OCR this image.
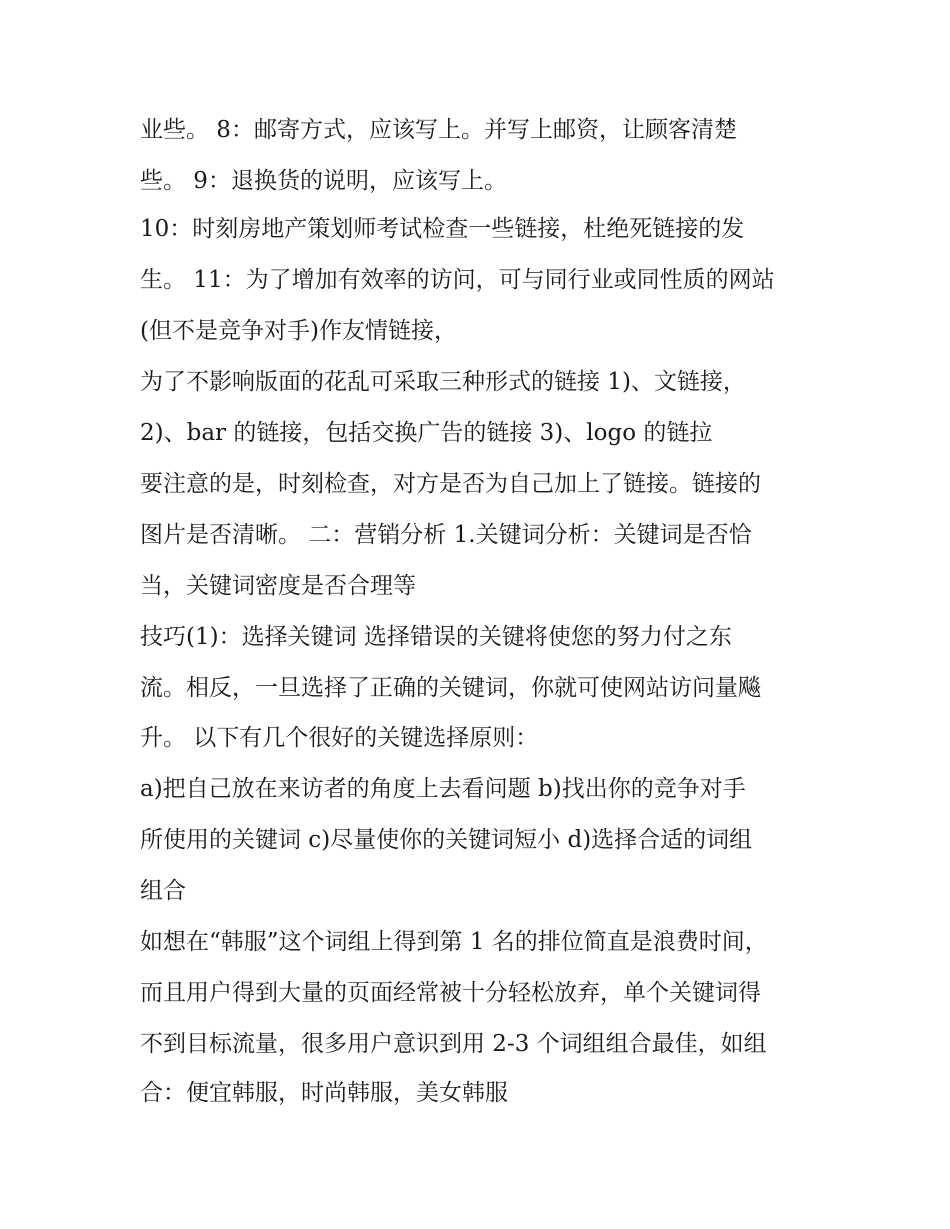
业些。 8：邮寄方式，应该写上。并写上邮资，让顾客清楚

些。 9：退换货的说明，应该写上。

10：时刻房地产策划师考试检查一些链接，杜绝死链接的发

生。 11：为了增加有效率的访问，可与同行业或同性质的网站

(但不是竞争对手)作友情链接，

为了不影响版面的花乱可采取三种形式的链接 1)、文链接，

2)、bar 的链接，包括交换广告的链接 3)、logo 的链拉

要注意的是，时刻检查，对方是否为自己加上了链接。链接的

图片是否清晰。 二：营销分析 1.关键词分析：关键词是否恰

当，关键词密度是否合理等

技巧(1)：选择关键词 选择错误的关键将使您的努力付之东

流。相反，一旦选择了正确的关键词，你就可使网站访问量飚

升。 以下有几个很好的关键选择原则：

a)把自己放在来访者的角度上去看问题 b)找出你的竞争对手

所使用的关键词 c)尽量使你的关键词短小 d)选择合适的词组

组合

如想在“韩服”这个词组上得到第 1 名的排位简直是浪费时间，

而且用户得到大量的页面经常被十分轻松放弃，单个关键词得

不到目标流量，很多用户意识到用 2-3 个词组组合最佳，如组

合：便宜韩服，时尚韩服，美女韩服
